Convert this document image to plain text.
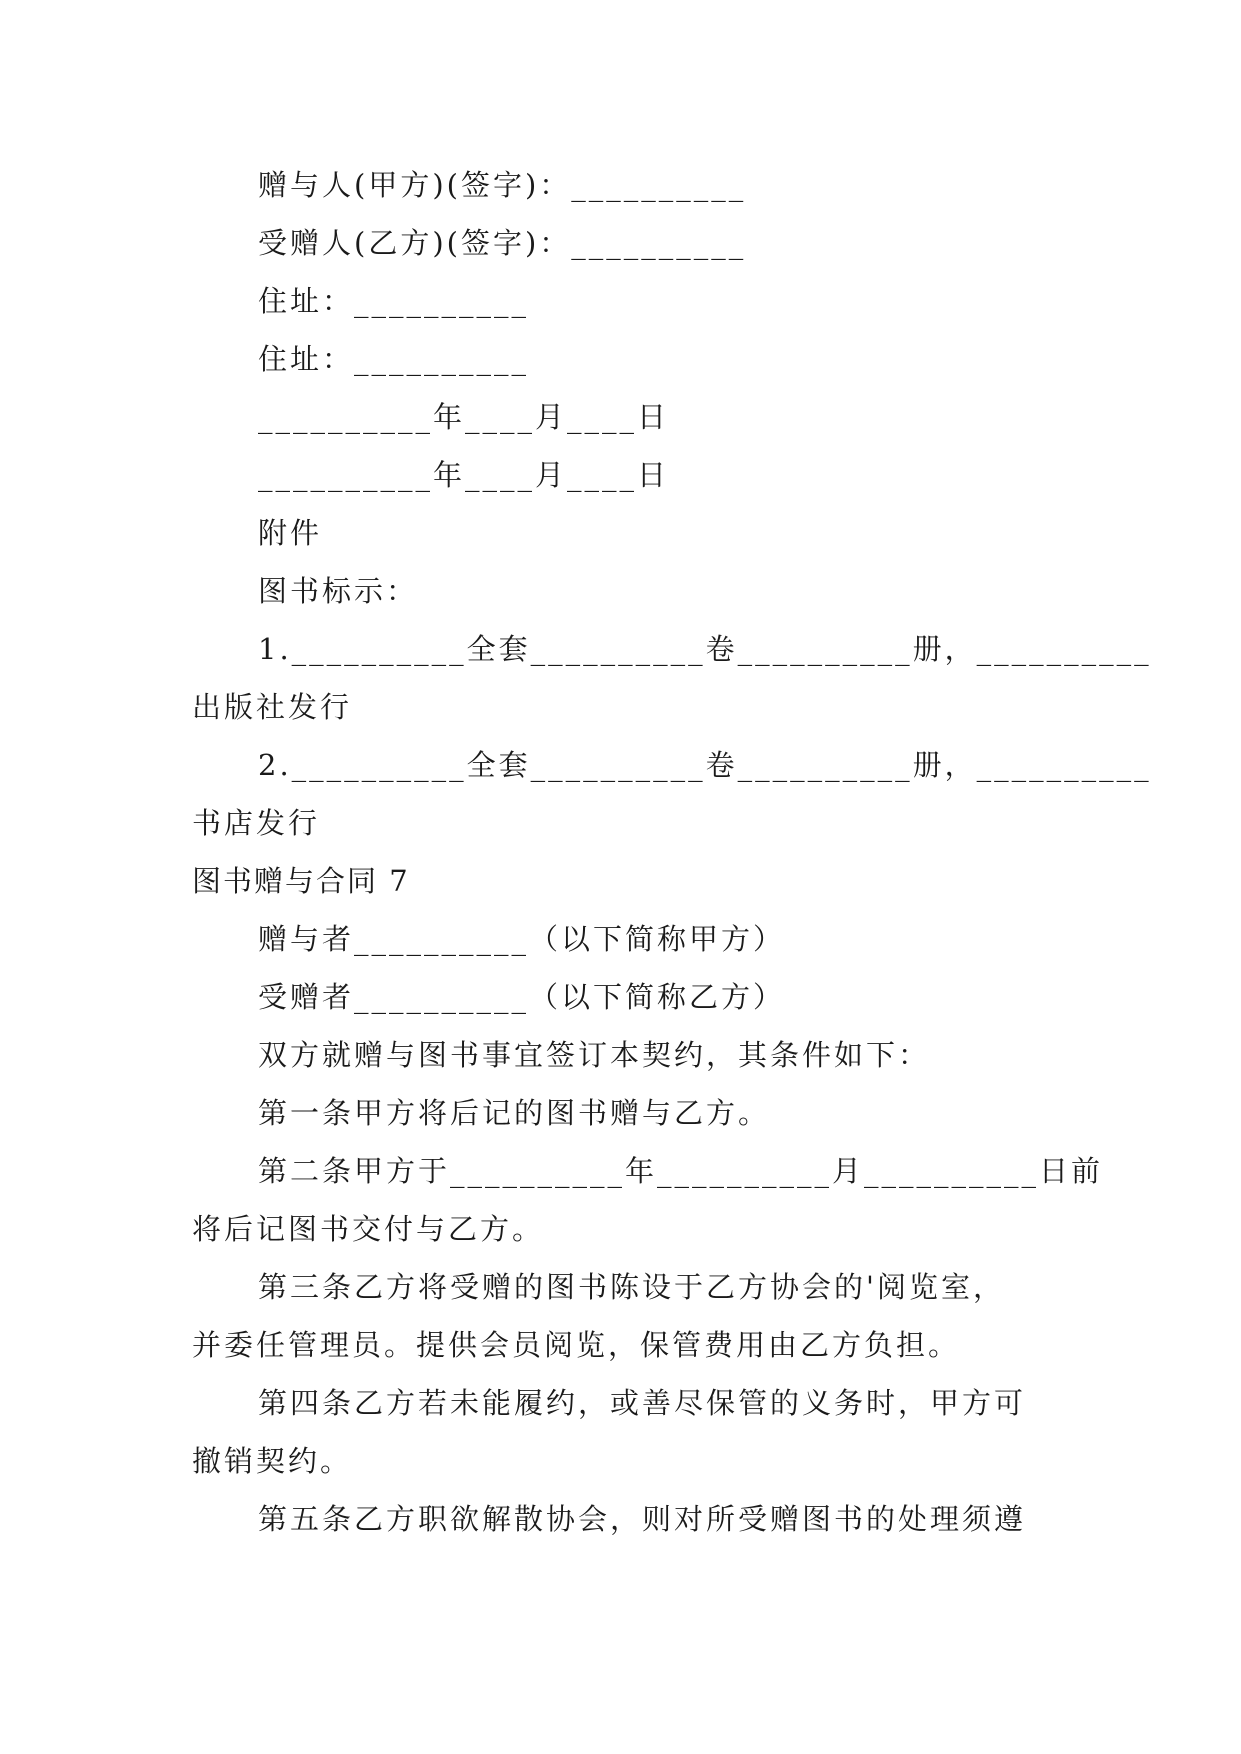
赠与人(甲方)(签字)：__________
受赠人(乙方)(签字)：__________
住址：__________
住址：__________
__________年____月____日
__________年____月____日
附件
图书标示：
1.__________全套__________卷__________册，__________
出版社发行
2.__________全套__________卷__________册，__________
书店发行
图书赠与合同 7
赠与者__________（以下简称甲方）
受赠者__________（以下简称乙方）
双方就赠与图书事宜签订本契约，其条件如下：
第一条甲方将后记的图书赠与乙方。
第二条甲方于__________年__________月__________日前
将后记图书交付与乙方。
第三条乙方将受赠的图书陈设于乙方协会的'阅览室，
并委任管理员。提供会员阅览，保管费用由乙方负担。
第四条乙方若未能履约，或善尽保管的义务时，甲方可
撤销契约。
第五条乙方职欲解散协会，则对所受赠图书的处理须遵
